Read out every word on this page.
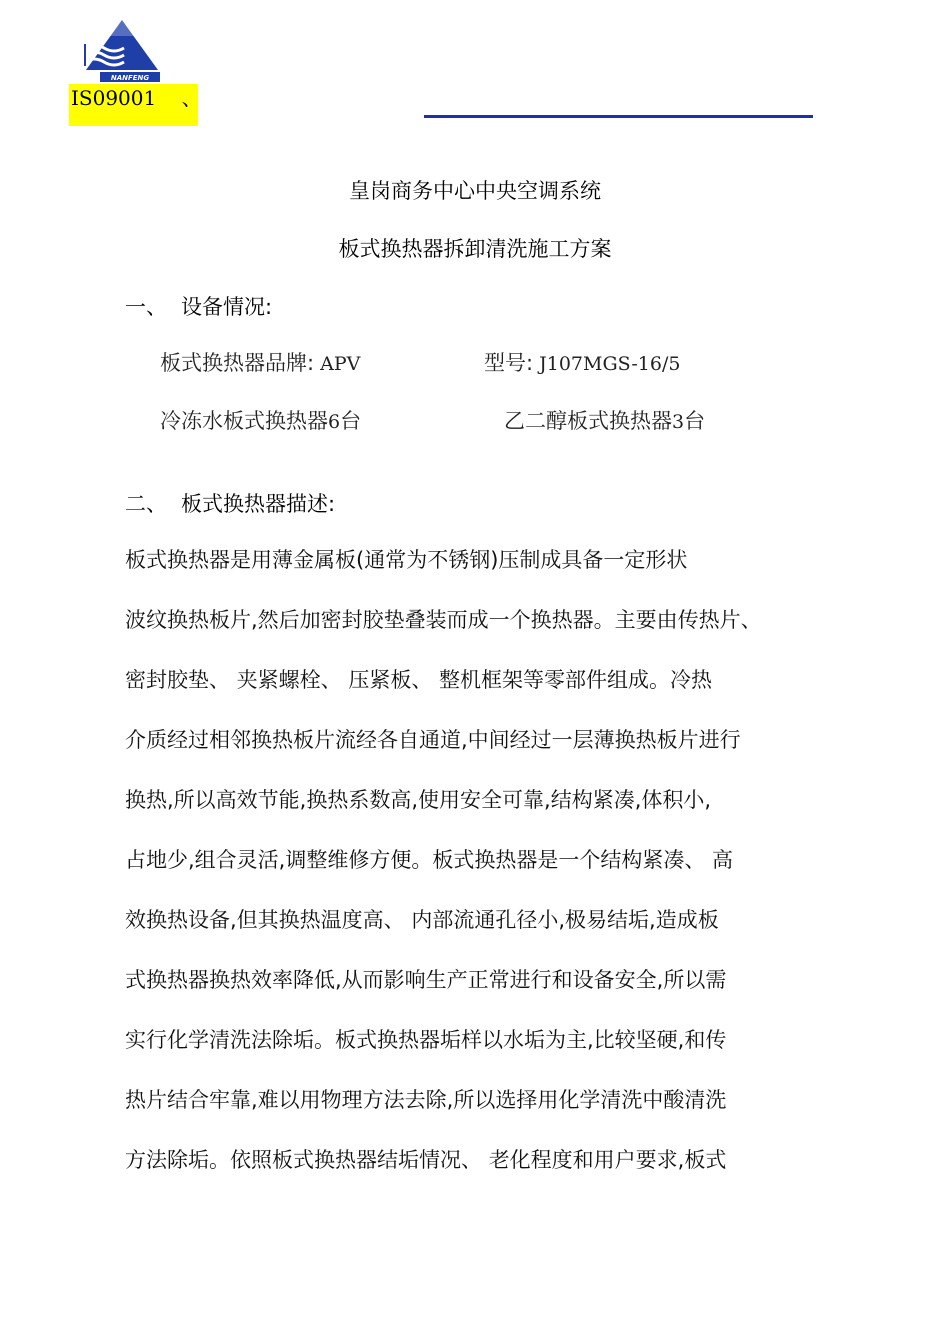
NANFENG
IS09001    、
皇岗商务中心中央空调系统
板式换热器拆卸清洗施工方案
一、 设备情况:
板式换热器品牌: APV	型号: J107MGS-16/5
冷冻水板式换热器6台	乙二醇板式换热器3台
二、 板式换热器描述:
板式换热器是用薄金属板(通常为不锈钢)压制成具备一定形状
波纹换热板片,然后加密封胶垫叠装而成一个换热器。主要由传热片、
密封胶垫、 夹紧螺栓、 压紧板、 整机框架等零部件组成。冷热
介质经过相邻换热板片流经各自通道,中间经过一层薄换热板片进行
换热,所以高效节能,换热系数高,使用安全可靠,结构紧凑,体积小,
占地少,组合灵活,调整维修方便。板式换热器是一个结构紧凑、 高
效换热设备,但其换热温度高、 内部流通孔径小,极易结垢,造成板
式换热器换热效率降低,从而影响生产正常进行和设备安全,所以需
实行化学清洗法除垢。板式换热器垢样以水垢为主,比较坚硬,和传
热片结合牢靠,难以用物理方法去除,所以选择用化学清洗中酸清洗
方法除垢。依照板式换热器结垢情况、 老化程度和用户要求,板式
